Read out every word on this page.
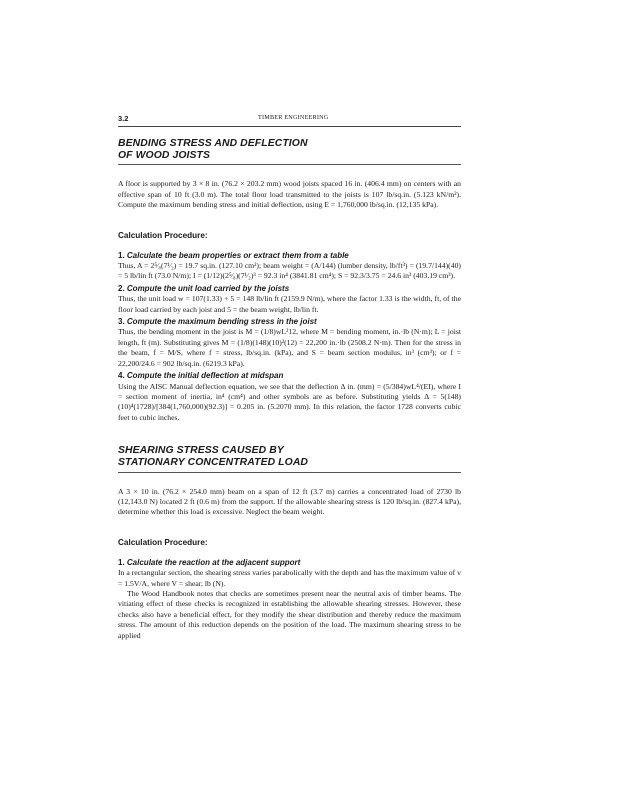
3.2	TIMBER ENGINEERING
BENDING STRESS AND DEFLECTION
OF WOOD JOISTS

A floor is supported by 3 × 8 in. (76.2 × 203.2 mm) wood joists spaced 16 in. (406.4 mm) on centers with an effective span of 10 ft (3.0 m). The total floor load transmitted to the joists is 107 lb/sq.in. (5.123 kN/m²). Compute the maximum bending stress and initial deflection, using E = 1,760,000 lb/sq.in. (12,135 kPa).

Calculation Procedure:

1. Calculate the beam properties or extract them from a table

Thus, A = 2⁵⁄₈(7¹⁄₂) = 19.7 sq.in. (127.10 cm²); beam weight = (A/144) (lumber density, lb/ft³) = (19.7/144)(40) = 5 lb/lin ft (73.0 N/m); I = (1/12)(2⁵⁄₈)(7¹⁄₂)³ = 92.3 in⁴ (3841.81 cm⁴); S = 92.3/3.75 = 24.6 in³ (403.19 cm³).

2. Compute the unit load carried by the joists

Thus, the unit load w = 107(1.33) + 5 = 148 lb/lin ft (2159.9 N/m), where the factor 1.33 is the width, ft, of the floor load carried by each joist and 5 = the beam weight, lb/lin ft.

3. Compute the maximum bending stress in the joist

Thus, the bending moment in the joist is M = (1/8)wL²12, where M = bending moment, in.·lb (N·m); L = joist length, ft (m). Substituting gives M = (1/8)(148)(10)²(12) = 22,200 in.·lb (2508.2 N·m). Then for the stress in the beam, f = M/S, where f = stress, lb/sq.in. (kPa), and S = beam section modulus, in³ (cm³); or f = 22,200/24.6 = 902 lb/sq.in. (6219.3 kPa).

4. Compute the initial deflection at midspan

Using the AISC Manual deflection equation, we see that the deflection Δ in. (mm) = (5/384)wL⁴/(EI), where I = section moment of inertia, in⁴ (cm⁴) and other symbols are as before. Substituting yields Δ = 5(148)(10)⁴(1728)/[384(1,760,000)(92.3)] = 0.205 in. (5.2070 mm). In this relation, the factor 1728 converts cubic feet to cubic inches.

SHEARING STRESS CAUSED BY
STATIONARY CONCENTRATED LOAD

A 3 × 10 in. (76.2 × 254.0 mm) beam on a span of 12 ft (3.7 m) carries a concentrated load of 2730 lb (12,143.0 N) located 2 ft (0.6 m) from the support. If the allowable shearing stress is 120 lb/sq.in. (827.4 kPa), determine whether this load is excessive. Neglect the beam weight.

Calculation Procedure:

1. Calculate the reaction at the adjacent support

In a rectangular section, the shearing stress varies parabolically with the depth and has the maximum value of v = 1.5V/A, where V = shear, lb (N).

The Wood Handbook notes that checks are sometimes present near the neutral axis of timber beams. The vitiating effect of these checks is recognized in establishing the allowable shearing stresses. However, these checks also have a beneficial effect, for they modify the shear distribution and thereby reduce the maximum stress. The amount of this reduction depends on the position of the load. The maximum shearing stress to be applied
